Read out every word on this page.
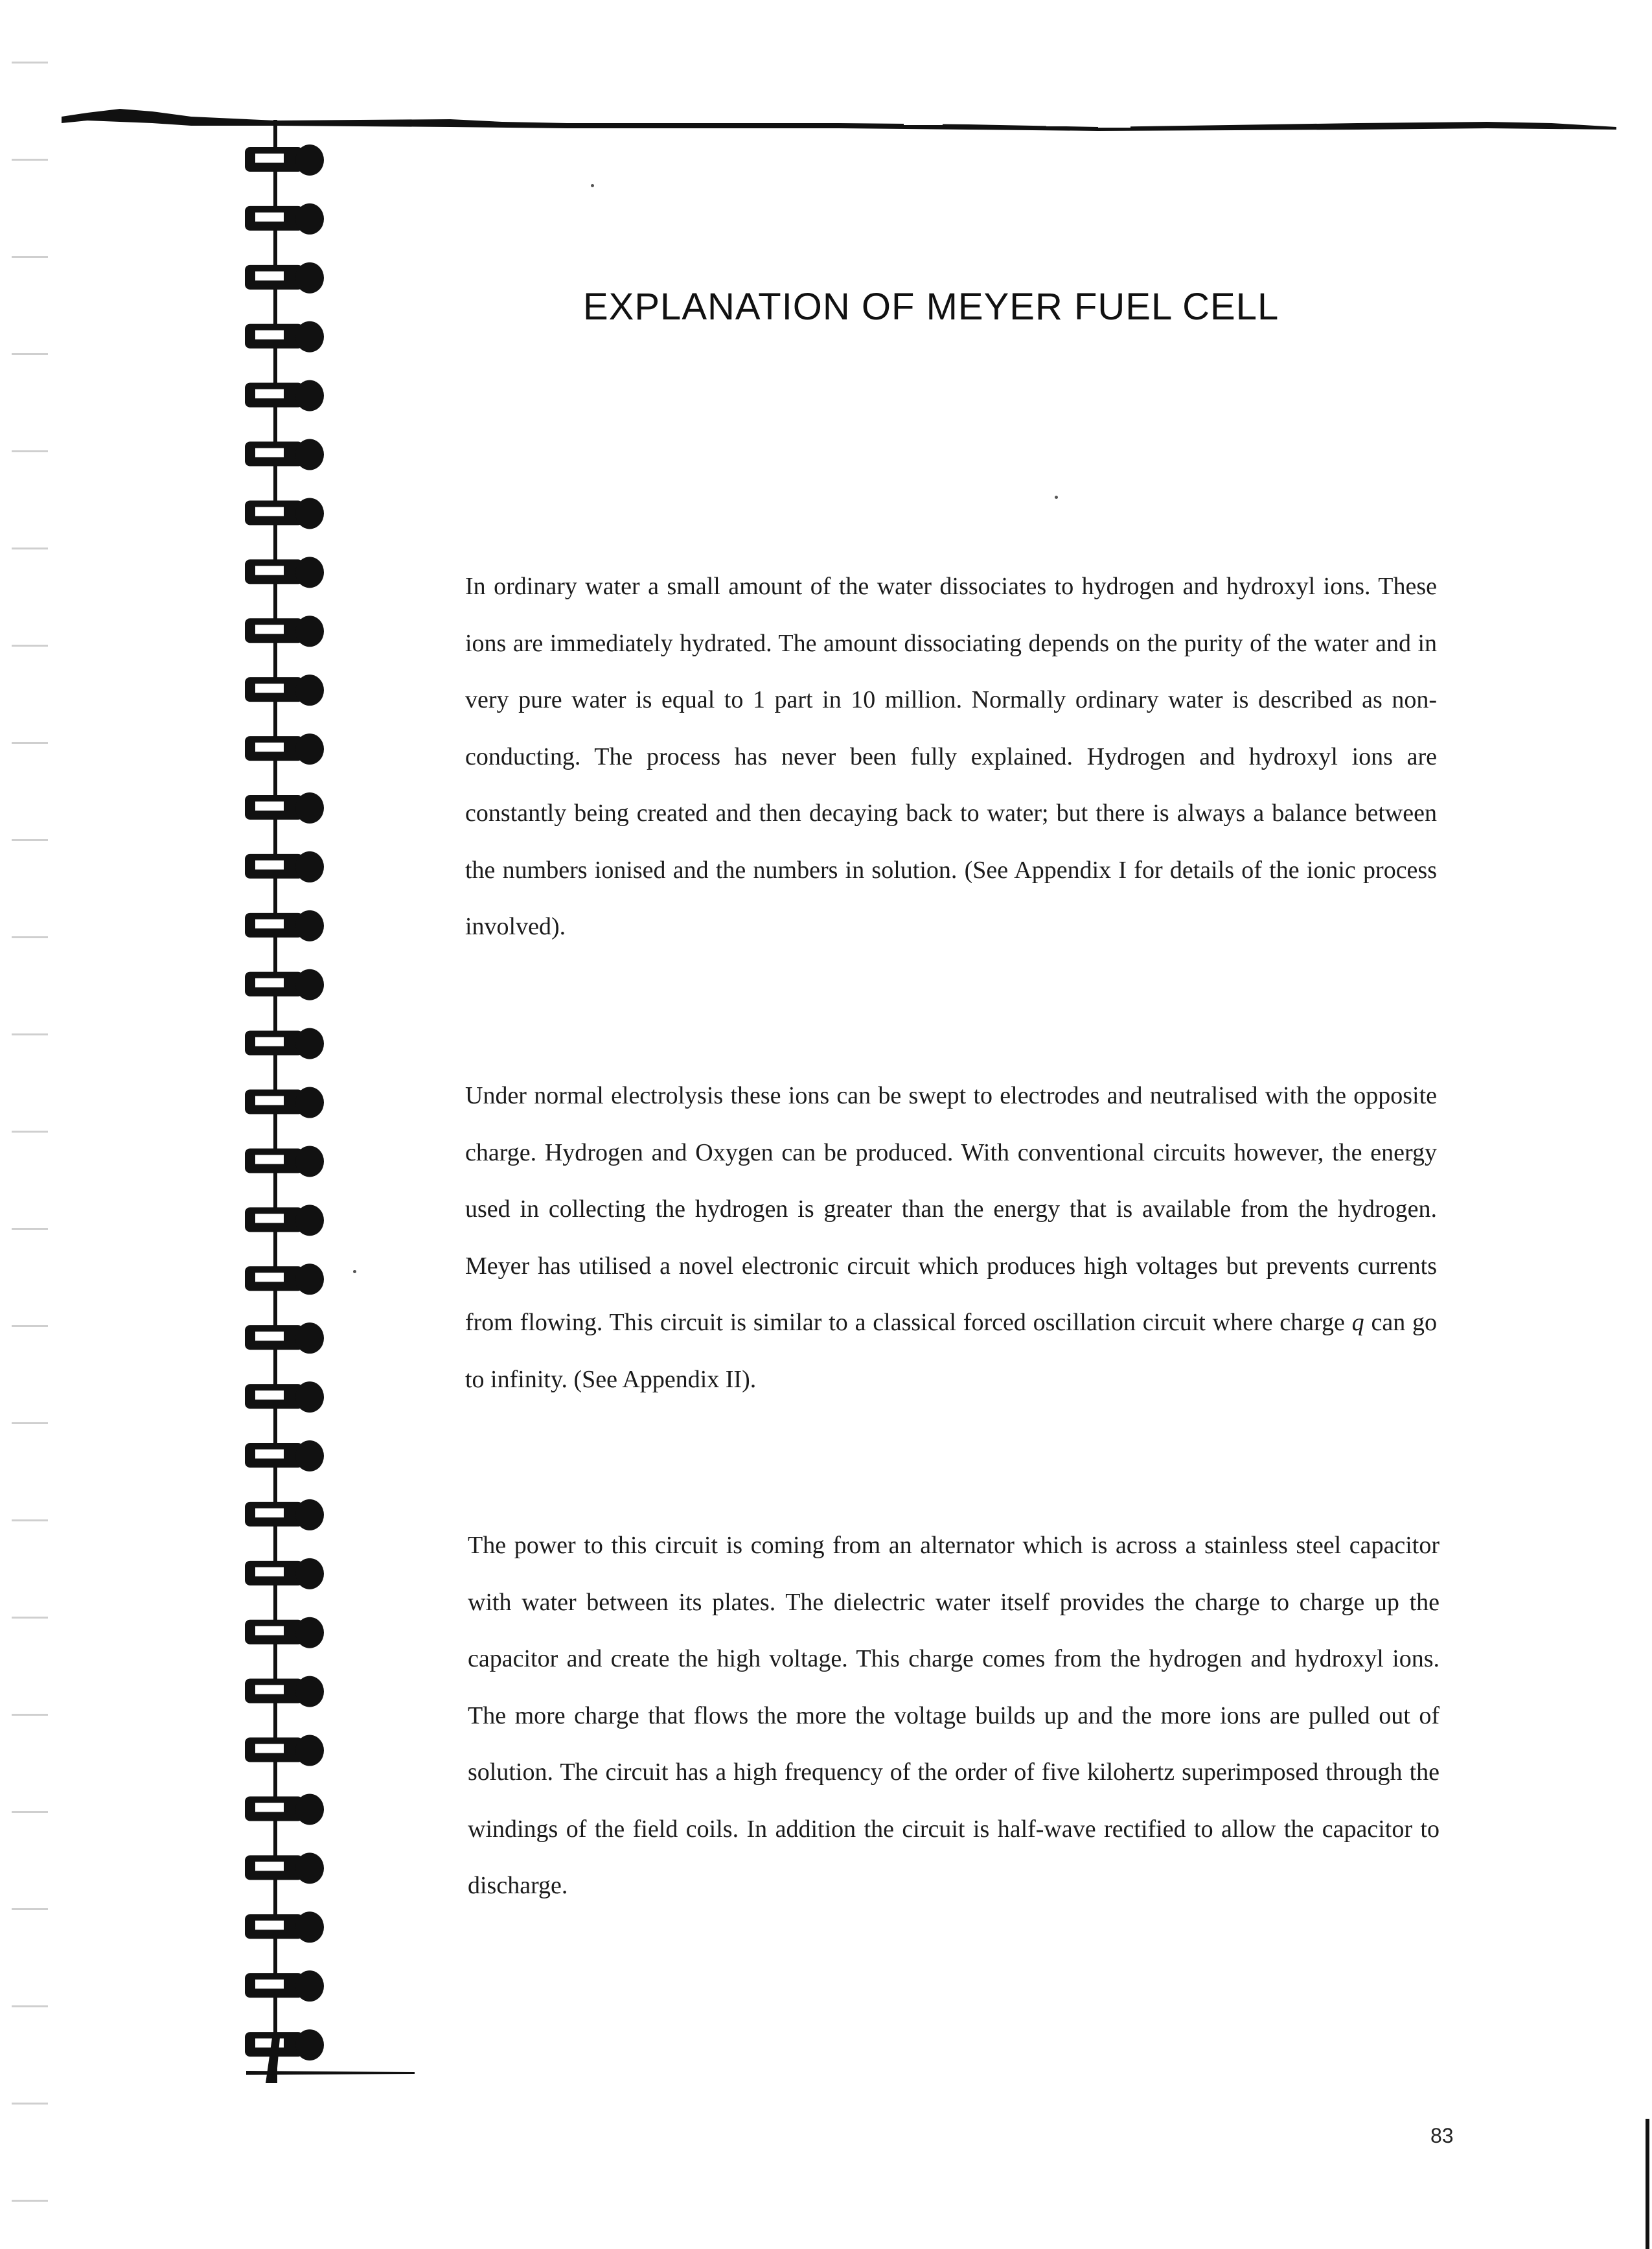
EXPLANATION OF MEYER FUEL CELL
In ordinary water a small amount of the water dissociates to hydrogen and hydroxyl ions. These ions are immediately hydrated. The amount dissociating depends on the purity of the water and in very pure water is equal to 1 part in 10 million. Normally ordinary water is described as non-conducting. The process has never been fully explained. Hydrogen and hydroxyl ions are constantly being created and then decaying back to water; but there is always a balance between the numbers ionised and the numbers in solution. (See Appendix I for details of the ionic process involved).
Under normal electrolysis these ions can be swept to electrodes and neutralised with the opposite charge. Hydrogen and Oxygen can be produced. With conventional circuits however, the energy used in collecting the hydrogen is greater than the energy that is available from the hydrogen. Meyer has utilised a novel electronic circuit which produces high voltages but prevents currents from flowing. This circuit is similar to a classical forced oscillation circuit where charge q can go to infinity. (See Appendix II).
The power to this circuit is coming from an alternator which is across a stainless steel capacitor with water between its plates. The dielectric water itself provides the charge to charge up the capacitor and create the high voltage. This charge comes from the hydrogen and hydroxyl ions. The more charge that flows the more the voltage builds up and the more ions are pulled out of solution. The circuit has a high frequency of the order of five kilohertz superimposed through the windings of the field coils. In addition the circuit is half-wave rectified to allow the capacitor to discharge.
83
